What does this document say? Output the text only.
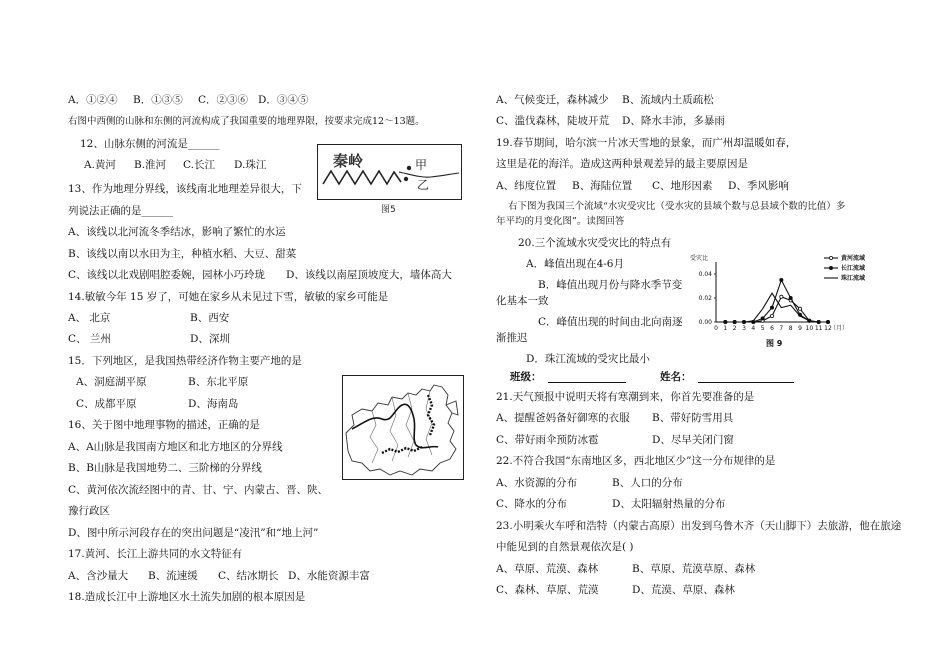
A．①②④ B．①③⑤ C．②③⑥ D．③④⑤
右图中西侧的山脉和东侧的河流构成了我国重要的地理界限，按要求完成12～13题。
12、山脉东侧的河流是______
A.黄河 B.淮河 C.长江 D.珠江	秦岭	甲
乙
图5
13、作为地理分界线，该线南北地理差异很大，下
列说法正确的是______
A、该线以北河流冬季结冰，影响了繁忙的水运
B、该线以南以水田为主，种植水稻、大豆、甜菜
C、该线以北戏剧唱腔委婉，园林小巧玲珑 D、该线以南屋顶坡度大，墙体高大
14.敏敏今年 15 岁了，可她在家乡从未见过下雪，敏敏的家乡可能是
A、 北京	B、西安
C、 兰州	D、深圳
15．下列地区，是我国热带经济作物主要产地的是
A、洞庭湖平原	B、东北平原
C、成都平原	D、海南岛
16、关于图中地理事物的描述，正确的是
A、A山脉是我国南方地区和北方地区的分界线
B、B山脉是我国地势二、三阶梯的分界线
C、黄河依次流经图中的青、甘、宁、内蒙古、晋、陕、
豫行政区
D、图中所示河段存在的突出问题是“凌汛”和“地上河”
17.黄河、长江上游共同的水文特征有
A、含沙量大 B、流速缓 C、结冰期长 D、水能资源丰富
18.造成长江中上游地区水土流失加剧的根本原因是
A、气候变迁，森林减少 B、流域内土质疏松
C、滥伐森林，陡坡开荒 D、降水丰沛，多暴雨
19.春节期间，哈尔滨一片冰天雪地的景象，而广州却温暖如春，
这里是花的海洋。造成这两种景观差异的最主要原因是
A、纬度位置 B、海陆位置 C、地形因素 D、季风影响
右下图为我国三个流域“水灾受灾比（受水灾的县域个数与总县域个数的比值）多
年平均的月变化图”。读图回答
20.三个流域水灾受灾比的特点有
A．峰值出现在4-6月
B．峰值出现月份与降水季节变
化基本一致
C．峰值出现的时间由北向南逐
渐推迟
D．珠江流域的受灾比最小
受灾比
0.00
0.02
0.04
0 1 2 3 4 5 6 7 8 9 10 11 12
（月）
黄河流域
长江流域
珠江流域
图 9
班级：	姓名：
21.天气预报中说明天将有寒潮到来，你首先要准备的是
A、提醒爸妈备好御寒的衣服 B、带好防雪用具
C、带好雨伞预防冰雹	D、尽早关闭门窗
22.不符合我国“东南地区多，西北地区少”这一分布规律的是
A、水资源的分布	B、人口的分布
C、降水的分布	D、太阳辐射热量的分布
23.小明乘火车呼和浩特（内蒙古高原）出发到乌鲁木齐（天山脚下）去旅游，他在旅途
中能见到的自然景观依次是( )
A、草原、荒漠、森林	B、草原、荒漠草原、森林
C、森林、草原、荒漠	D、荒漠、草原、森林
